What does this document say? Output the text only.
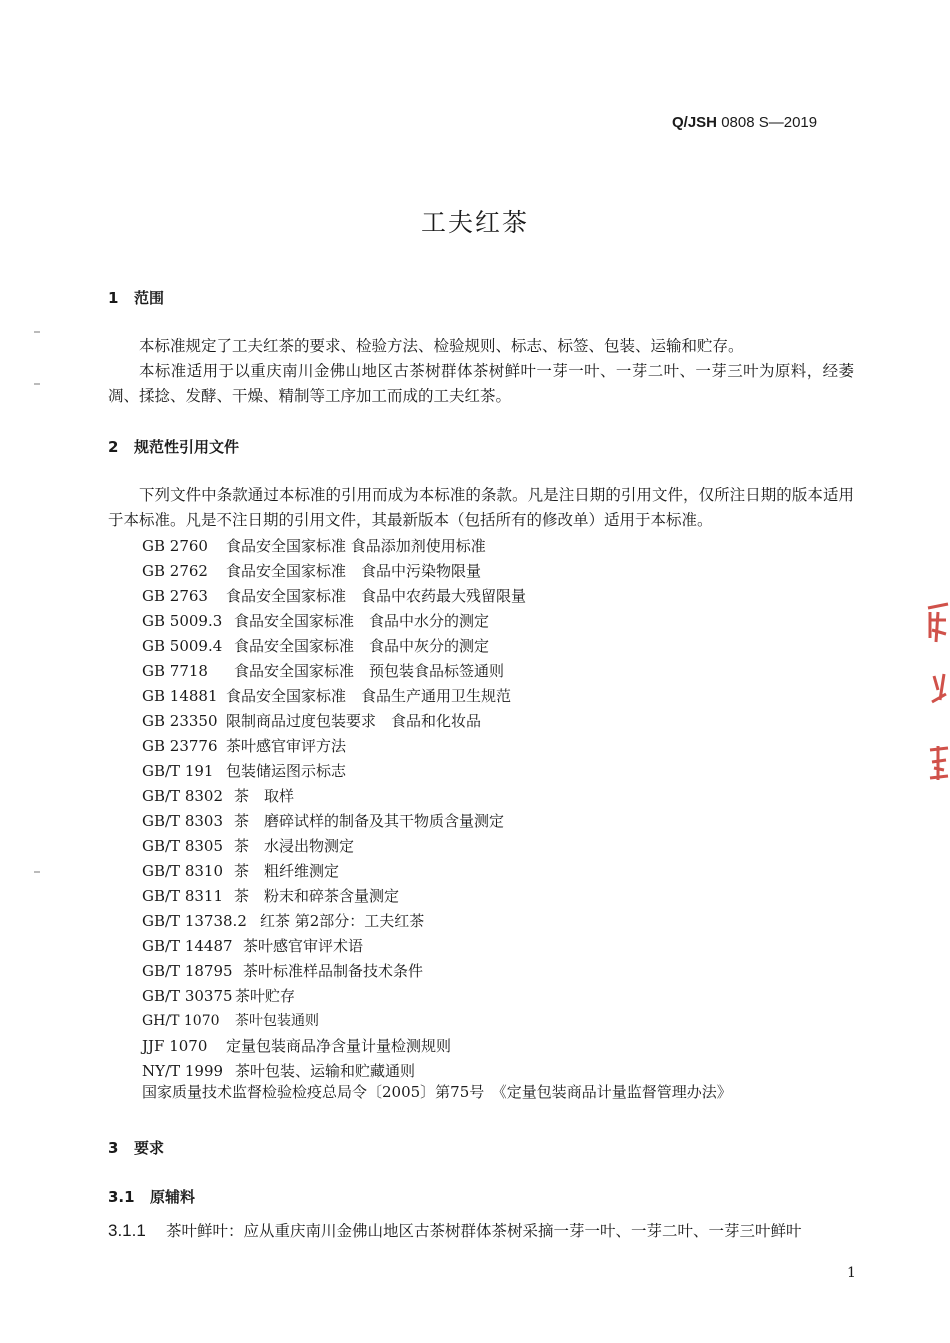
Q/JSH 0808 S—2019
工夫红茶
1 范围
本标准规定了工夫红茶的要求、检验方法、检验规则、标志、标签、包装、运输和贮存。
本标准适用于以重庆南川金佛山地区古茶树群体茶树鲜叶一芽一叶、一芽二叶、一芽三叶为原料，经萎凋、揉捻、发酵、干燥、精制等工序加工而成的工夫红茶。
2 规范性引用文件
下列文件中条款通过本标准的引用而成为本标准的条款。凡是注日期的引用文件，仅所注日期的版本适用于本标准。凡是不注日期的引用文件，其最新版本（包括所有的修改单）适用于本标准。
GB 2760 食品安全国家标准 食品添加剂使用标准
GB 2762 食品安全国家标准　食品中污染物限量
GB 2763 食品安全国家标准　食品中农药最大残留限量
GB 5009.3 食品安全国家标准　食品中水分的测定
GB 5009.4 食品安全国家标准　食品中灰分的测定
GB 7718 食品安全国家标准　预包装食品标签通则
GB 14881 食品安全国家标准　食品生产通用卫生规范
GB 23350 限制商品过度包装要求　食品和化妆品
GB 23776 茶叶感官审评方法
GB/T 191 包装储运图示标志
GB/T 8302 茶　取样
GB/T 8303 茶　磨碎试样的制备及其干物质含量测定
GB/T 8305 茶　水浸出物测定
GB/T 8310 茶　粗纤维测定
GB/T 8311 茶　粉末和碎茶含量测定
GB/T 13738.2 红茶 第2部分：工夫红茶
GB/T 14487 茶叶感官审评术语
GB/T 18795 茶叶标准样品制备技术条件
GB/T 30375 茶叶贮存
GH/T 1070 茶叶包装通则
JJF 1070 定量包装商品净含量计量检测规则
NY/T 1999 茶叶包装、运输和贮藏通则
国家质量技术监督检验检疫总局令〔2005〕第75号　《定量包装商品计量监督管理办法》
3 要求
3.1 原辅料
3.1.1 茶叶鲜叶：应从重庆南川金佛山地区古茶树群体茶树采摘一芽一叶、一芽二叶、一芽三叶鲜叶
1
